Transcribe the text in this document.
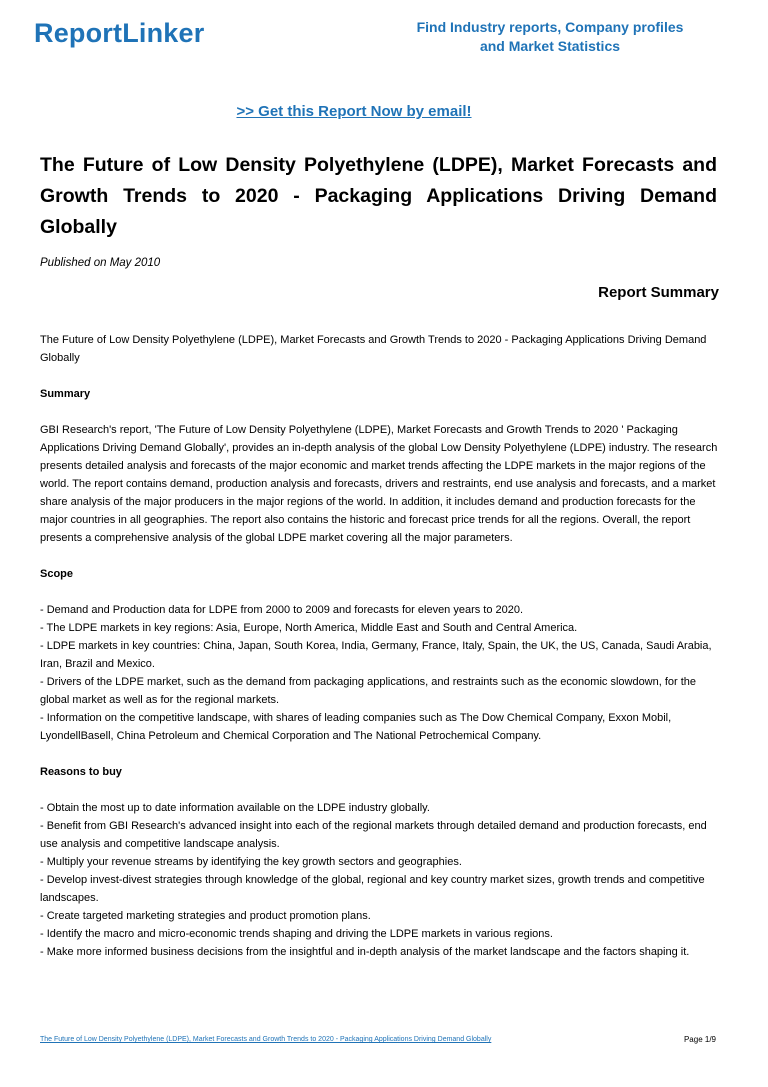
ReportLinker	Find Industry reports, Company profiles
and Market Statistics
>> Get this Report Now by email!
The Future of Low Density Polyethylene (LDPE), Market Forecasts and Growth Trends to 2020 - Packaging Applications Driving Demand Globally
Published on May 2010
Report Summary

The Future of Low Density Polyethylene (LDPE), Market Forecasts and Growth Trends to 2020 - Packaging Applications Driving Demand Globally

Summary

GBI Research's report, 'The Future of Low Density Polyethylene (LDPE), Market Forecasts and Growth Trends to 2020 ' Packaging Applications Driving Demand Globally', provides an in-depth analysis of the global Low Density Polyethylene (LDPE) industry. The research presents detailed analysis and forecasts of the major economic and market trends affecting the LDPE markets in the major regions of the world. The report contains demand, production analysis and forecasts, drivers and restraints, end use analysis and forecasts, and a market share analysis of the major producers in the major regions of the world. In addition, it includes demand and production forecasts for the major countries in all geographies. The report also contains the historic and forecast price trends for all the regions. Overall, the report presents a comprehensive analysis of the global LDPE market covering all the major parameters.

Scope

- Demand and Production data for LDPE from 2000 to 2009 and forecasts for eleven years to 2020.

- The LDPE markets in key regions: Asia, Europe, North America, Middle East and South and Central America.

- LDPE markets in key countries: China, Japan, South Korea, India, Germany, France, Italy, Spain, the UK, the US, Canada, Saudi Arabia, Iran, Brazil and Mexico.

- Drivers of the LDPE market, such as the demand from packaging applications, and restraints such as the economic slowdown, for the global market as well as for the regional markets.

- Information on the competitive landscape, with shares of leading companies such as The Dow Chemical Company, Exxon Mobil, LyondellBasell, China Petroleum and Chemical Corporation and The National Petrochemical Company.

Reasons to buy

- Obtain the most up to date information available on the LDPE industry globally.

- Benefit from GBI Research's advanced insight into each of the regional markets through detailed demand and production forecasts, end use analysis and competitive landscape analysis.

- Multiply your revenue streams by identifying the key growth sectors and geographies.

- Develop invest-divest strategies through knowledge of the global, regional and key country market sizes, growth trends and competitive landscapes.

- Create targeted marketing strategies and product promotion plans.

- Identify the macro and micro-economic trends shaping and driving the LDPE markets in various regions.

- Make more informed business decisions from the insightful and in-depth analysis of the market landscape and the factors shaping it.

The Future of Low Density Polyethylene (LDPE), Market Forecasts and Growth Trends to 2020 - Packaging Applications Driving Demand Globally	Page 1/9
